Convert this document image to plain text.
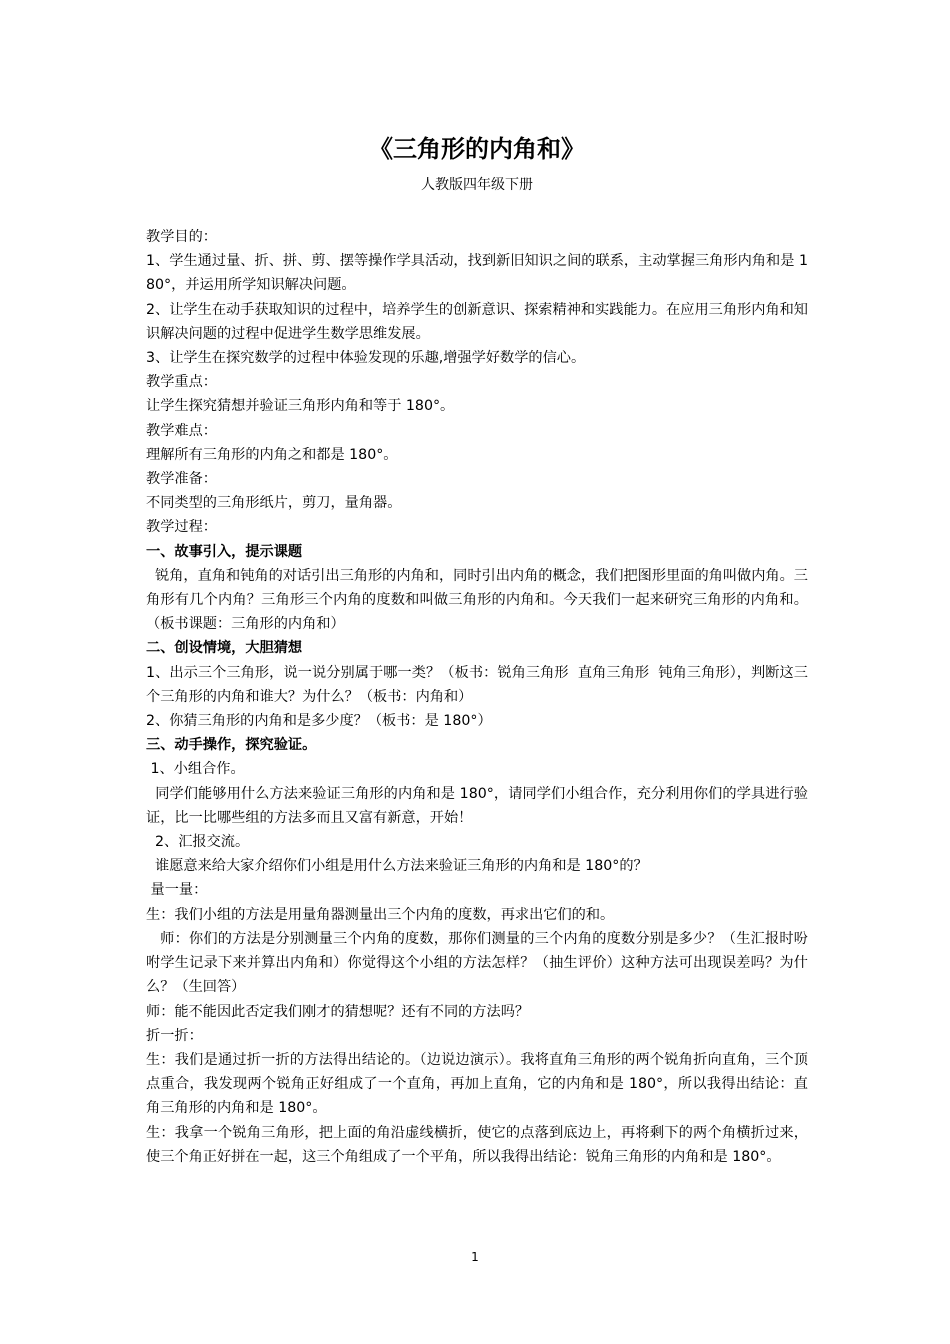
《三角形的内角和》
人教版四年级下册

教学目的：

1、学生通过量、折、拼、剪、摆等操作学具活动，找到新旧知识之间的联系，主动掌握三角形内角和是 180°，并运用所学知识解决问题。

2、让学生在动手获取知识的过程中，培养学生的创新意识、探索精神和实践能力。在应用三角形内角和知识解决问题的过程中促进学生数学思维发展。

3、让学生在探究数学的过程中体验发现的乐趣,增强学好数学的信心。

教学重点：

让学生探究猜想并验证三角形内角和等于 180°。

教学难点：

理解所有三角形的内角之和都是 180°。

教学准备：

不同类型的三角形纸片，剪刀，量角器。

教学过程：

一、故事引入，提示课题

锐角，直角和钝角的对话引出三角形的内角和，同时引出内角的概念，我们把图形里面的角叫做内角。三角形有几个内角？三角形三个内角的度数和叫做三角形的内角和。今天我们一起来研究三角形的内角和。（板书课题：三角形的内角和）

二、创设情境，大胆猜想

1、出示三个三角形，说一说分别属于哪一类？（板书：锐角三角形  直角三角形  钝角三角形），判断这三个三角形的内角和谁大？为什么？（板书：内角和）

2、你猜三角形的内角和是多少度？（板书：是 180°）

三、动手操作，探究验证。

1、小组合作。

同学们能够用什么方法来验证三角形的内角和是 180°，请同学们小组合作，充分利用你们的学具进行验证，比一比哪些组的方法多而且又富有新意，开始！

2、汇报交流。

谁愿意来给大家介绍你们小组是用什么方法来验证三角形的内角和是 180°的？

量一量：

生：我们小组的方法是用量角器测量出三个内角的度数，再求出它们的和。

师：你们的方法是分别测量三个内角的度数，那你们测量的三个内角的度数分别是多少？（生汇报时吩咐学生记录下来并算出内角和）你觉得这个小组的方法怎样？（抽生评价）这种方法可出现误差吗？为什么？（生回答）

师：能不能因此否定我们刚才的猜想呢？还有不同的方法吗？

折一折：

生：我们是通过折一折的方法得出结论的。（边说边演示）。我将直角三角形的两个锐角折向直角，三个顶点重合，我发现两个锐角正好组成了一个直角，再加上直角，它的内角和是 180°，所以我得出结论：直角三角形的内角和是 180°。

生：我拿一个锐角三角形，把上面的角沿虚线横折，使它的点落到底边上，再将剩下的两个角横折过来，使三个角正好拼在一起，这三个角组成了一个平角，所以我得出结论：锐角三角形的内角和是 180°。

1
